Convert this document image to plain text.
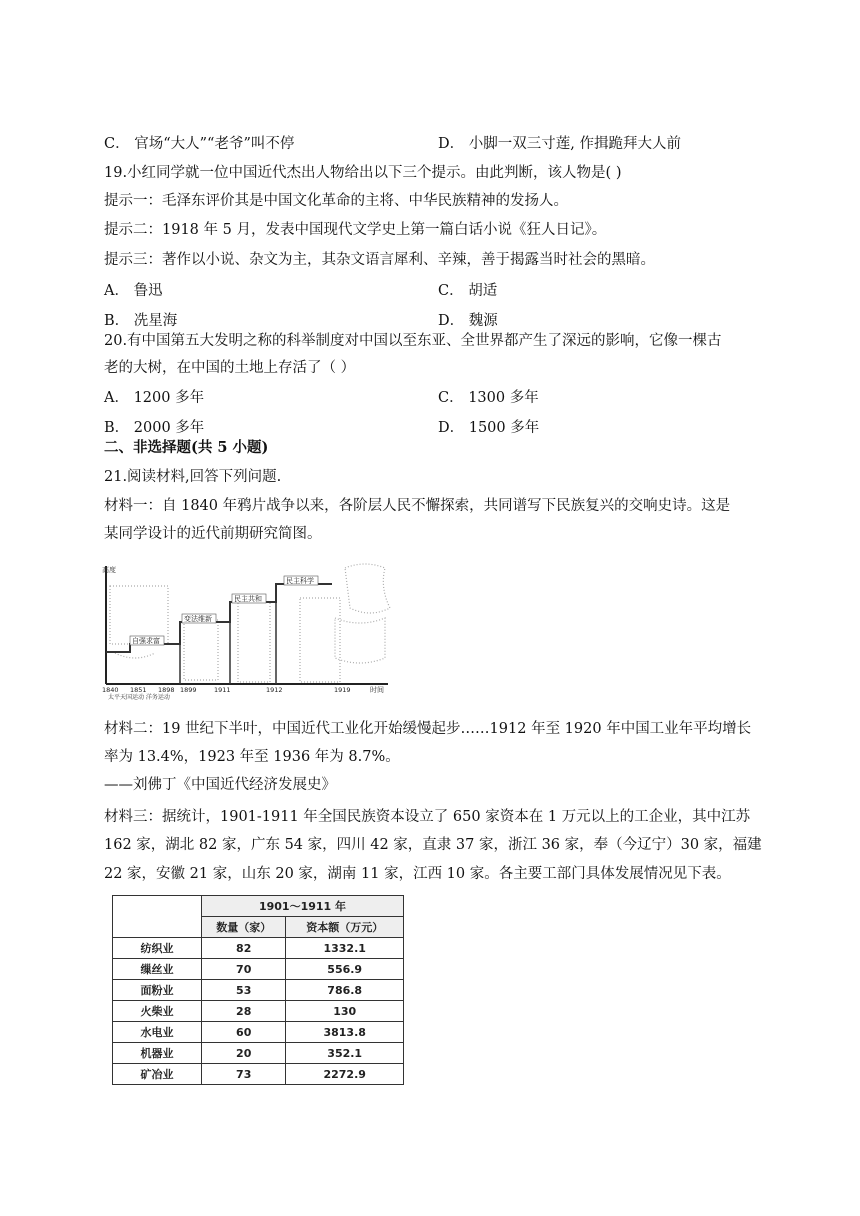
C． 官场“大人”“老爷”叫不停	D． 小脚一双三寸莲, 作揖跪拜大人前
19.小红同学就一位中国近代杰出人物给出以下三个提示。由此判断，该人物是( )
提示一：毛泽东评价其是中国文化革命的主将、中华民族精神的发扬人。
提示二：1918 年 5 月，发表中国现代文学史上第一篇白话小说《狂人日记》。
提示三：著作以小说、杂文为主，其杂文语言犀利、辛辣，善于揭露当时社会的黑暗。
A． 鲁迅	C． 胡适
B． 冼星海	D． 魏源
20.有中国第五大发明之称的科举制度对中国以至东亚、全世界都产生了深远的影响，它像一棵古
老的大树，在中国的土地上存活了（ ）
A． 1200 多年	C． 1300 多年
B． 2000 多年	D． 1500 多年
二、非选择题(共 5 小题)
21.阅读材料,回答下列问题.
材料一：自 1840 年鸦片战争以来，各阶层人民不懈探索，共同谱写下民族复兴的交响史诗。这是
某同学设计的近代前期研究简图。
高度
时间
自强求富
变法维新
民主共和
民主科学
1840 1851 1898 1899	1911	1912	1919
太平天国运动 洋务运动
材料二：19 世纪下半叶，中国近代工业化开始缓慢起步……1912 年至 1920 年中国工业年平均增长
率为 13.4%，1923 年至 1936 年为 8.7%。
——刘佛丁《中国近代经济发展史》
材料三：据统计，1901-1911 年全国民族资本设立了 650 家资本在 1 万元以上的工企业，其中江苏
162 家，湖北 82 家，广东 54 家，四川 42 家，直隶 37 家，浙江 36 家，奉（今辽宁）30 家，福建
22 家，安徽 21 家，山东 20 家，湖南 11 家，江西 10 家。各主要工部门具体发展情况见下表。
	1901～1911 年	
	数量（家）	资本额（万元）
纺织业	82	1332.1
缫丝业	70	556.9
面粉业	53	786.8
火柴业	28	130
水电业	60	3813.8
机器业	20	352.1
矿冶业	73	2272.9
